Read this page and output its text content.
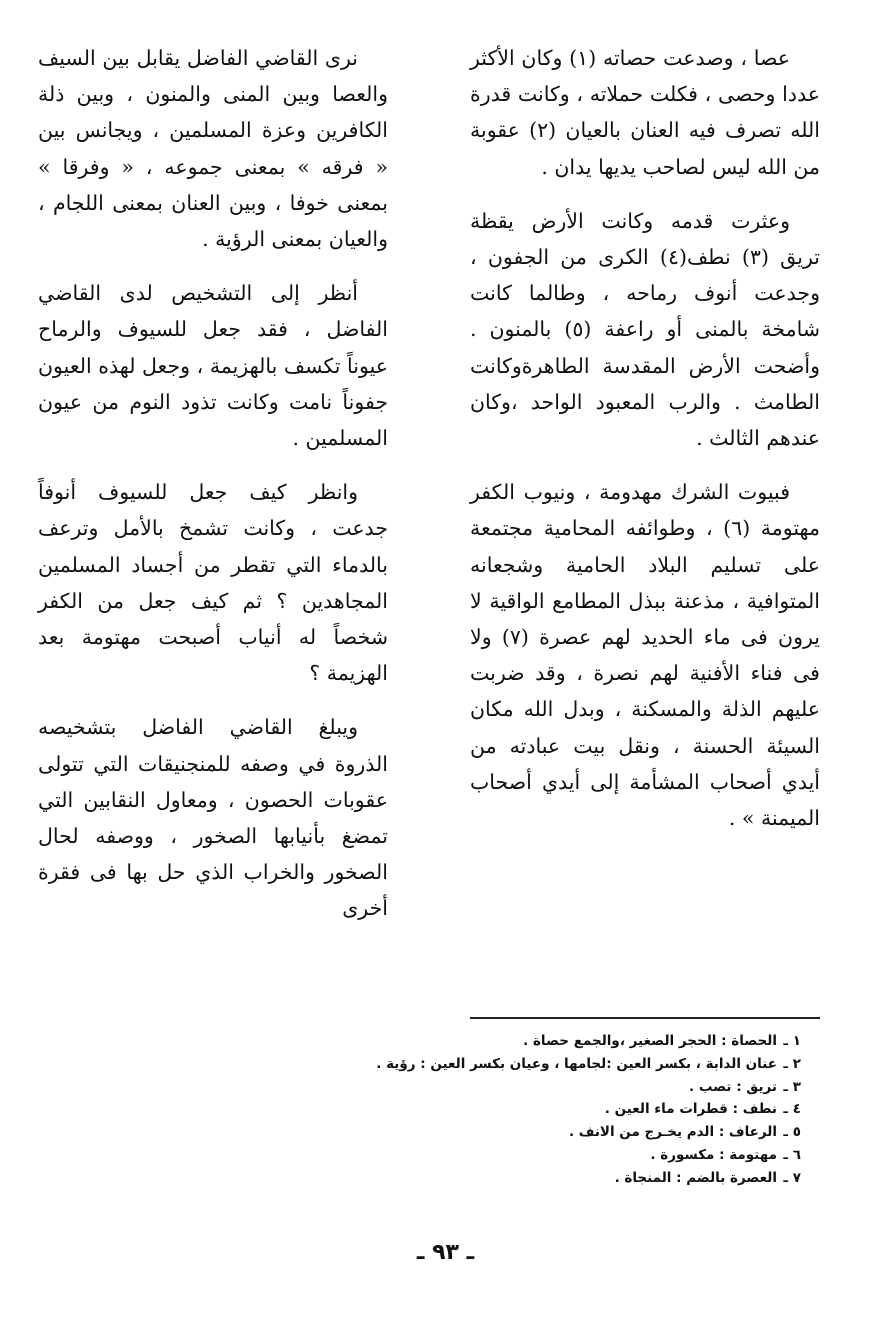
عصا ، وصدعت حصاته (١) وكان الأكثر عددا وحصى ، فكلت حملاته ، وكانت قدرة الله تصرف فيه العنان بالعيان (٢) عقوبة من الله ليس لصاحب يديها يدان .

وعثرت قدمه وكانت الأرض يقظة تريق (٣) نطف(٤) الكرى من الجفون ، وجدعت أنوف رماحه ، وطالما كانت شامخة بالمنى أو راعفة (٥) بالمنون . وأضحت الأرض المقدسة الطاهرةوكانت الطامث . والرب المعبود الواحد ،وكان عندهم الثالث .

فبيوت الشرك مهدومة ، ونيوب الكفر مهتومة (٦) ، وطوائفه المحامية مجتمعة على تسليم البلاد الحامية وشجعانه المتوافية ، مذعنة ببذل المطامع الواقية لا يرون فى ماء الحديد لهم عصرة (٧) ولا فى فناء الأفنية لهم نصرة ، وقد ضربت عليهم الذلة والمسكنة ، وبدل الله مكان السيئة الحسنة ، ونقل بيت عبادته من أيدي أصحاب المشأمة إلى أيدي أصحاب الميمنة » .

نرى القاضي الفاضل يقابل بين السيف والعصا وبين المنى والمنون ، وبين ذلة الكافرين وعزة المسلمين ، ويجانس بين « فرقه » بمعنى جموعه ، « وفرقا » بمعنى خوفا ، وبين العنان بمعنى اللجام ، والعيان بمعنى الرؤية .

أنظر إلى التشخيص لدى القاضي الفاضل ، فقد جعل للسيوف والرماح عيوناً تكسف بالهزيمة ، وجعل لهذه العيون جفوناً نامت وكانت تذود النوم من عيون المسلمين .

وانظر كيف جعل للسيوف أنوفاً جدعت ، وكانت تشمخ بالأمل وترعف بالدماء التي تقطر من أجساد المسلمين المجاهدين ؟ ثم كيف جعل من الكفر شخصاً له أنياب أصبحت مهتومة بعد الهزيمة ؟

ويبلغ القاضي الفاضل بتشخيصه الذروة في وصفه للمنجنيقات التي تتولى عقوبات الحصون ، ومعاول النقابين التي تمضغ بأنيابها الصخور ، ووصفه لحال الصخور والخراب الذي حل بها فى فقرة أخرى

١ ـالحصاة : الحجر الصغير ،والجمع حصاة .
٢ ـعنان الدابة ، بكسر العين :لجامها ، وعيان بكسر العين : رؤية .
٣ ـتريق : تصب .
٤ ـنطف : قطرات ماء العين .
٥ ـالرعاف : الدم يخـرج من الانف .
٦ ـمهتومة : مكسورة .
٧ ـالعصرة بالضم : المنجاة .
ـ ٩٣ ـ
